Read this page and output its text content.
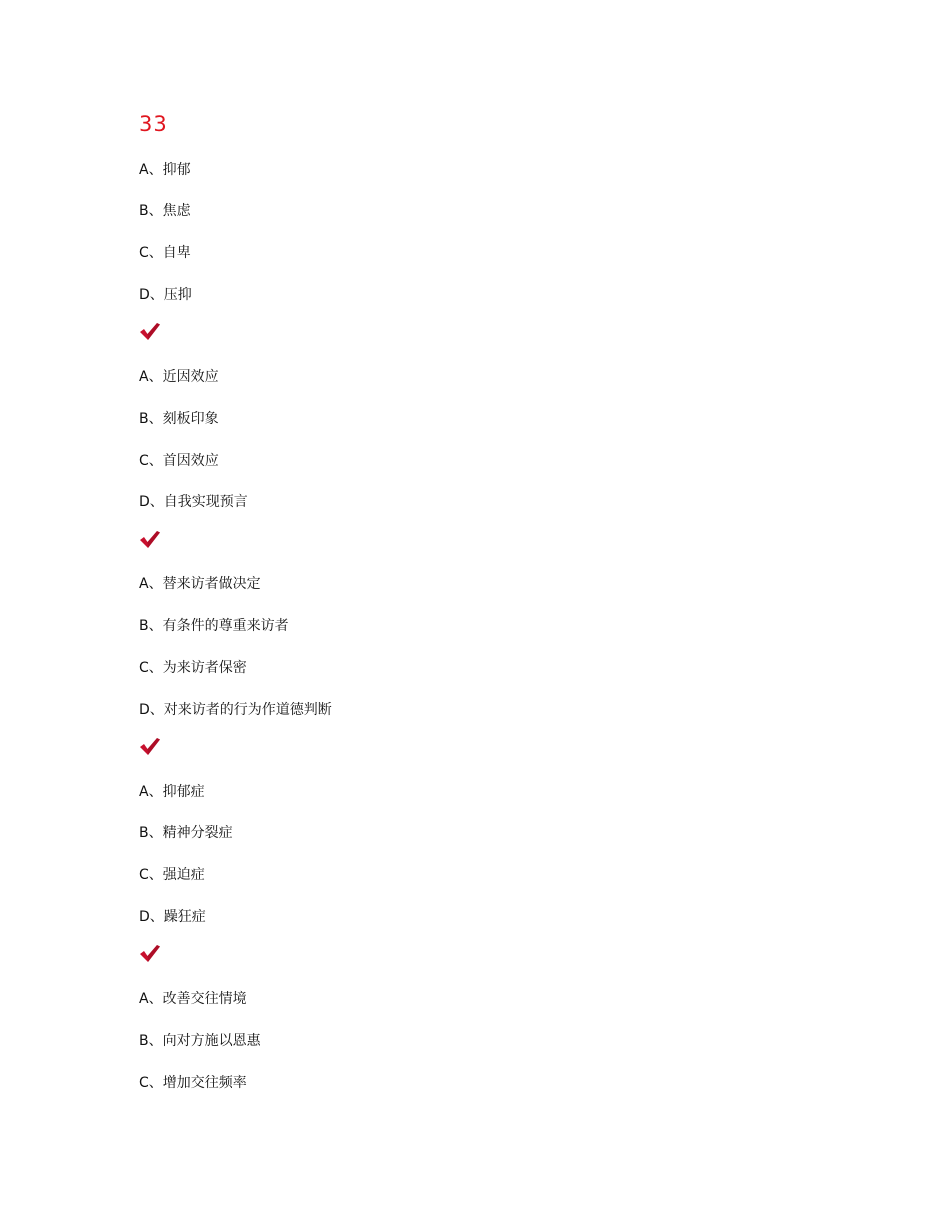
33
A、抑郁
B、焦虑
C、自卑
D、压抑
A、近因效应
B、刻板印象
C、首因效应
D、自我实现预言
A、替来访者做决定
B、有条件的尊重来访者
C、为来访者保密
D、对来访者的行为作道德判断
A、抑郁症
B、精神分裂症
C、强迫症
D、躁狂症
A、改善交往情境
B、向对方施以恩惠
C、增加交往频率
